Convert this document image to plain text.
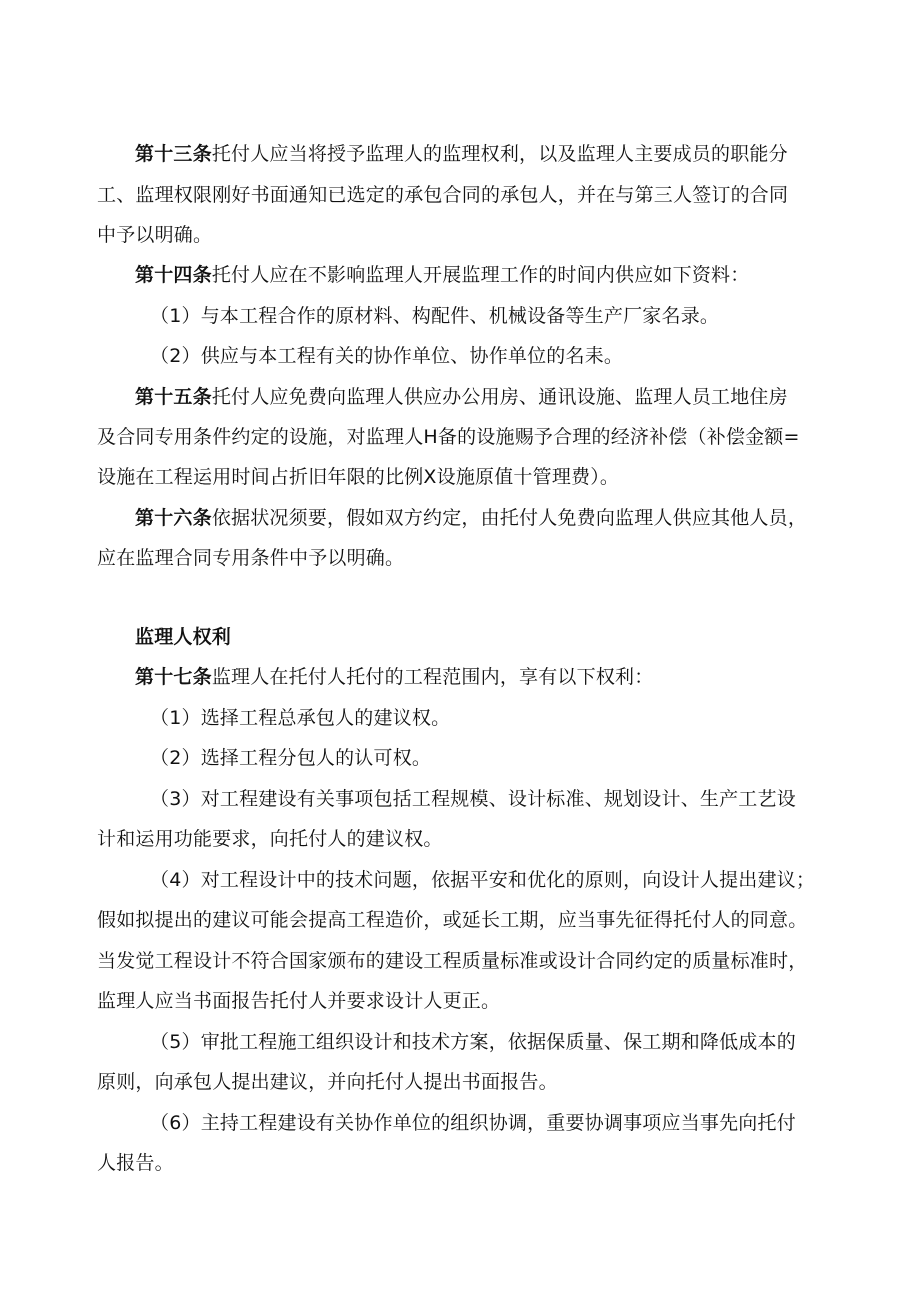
第十三条托付人应当将授予监理人的监理权利，以及监理人主要成员的职能分
工、监理权限刚好书面通知已选定的承包合同的承包人，并在与第三人签订的合同
中予以明确。
第十四条托付人应在不影响监理人开展监理工作的时间内供应如下资料：
（1）与本工程合作的原材料、构配件、机械设备等生产厂家名录。
（2）供应与本工程有关的协作单位、协作单位的名耒。
第十五条托付人应免费向监理人供应办公用房、通讯设施、监理人员工地住房
及合同专用条件约定的设施，对监理人H备的设施赐予合理的经济补偿（补偿金额=
设施在工程运用时间占折旧年限的比例X设施原值十管理费）。
第十六条依据状况须要，假如双方约定，由托付人免费向监理人供应其他人员，
应在监理合同专用条件中予以明确。
监理人权利
第十七条监理人在托付人托付的工程范围内，享有以下权利：
（1）选择工程总承包人的建议权。
（2）选择工程分包人的认可权。
（3）对工程建设有关事项包括工程规模、设计标准、规划设计、生产工艺设
计和运用功能要求，向托付人的建议权。
（4）对工程设计中的技术问题，依据平安和优化的原则，向设计人提出建议；
假如拟提出的建议可能会提高工程造价，或延长工期，应当事先征得托付人的同意。
当发觉工程设计不符合国家颁布的建设工程质量标准或设计合同约定的质量标准时，
监理人应当书面报告托付人并要求设计人更正。
（5）审批工程施工组织设计和技术方案，依据保质量、保工期和降低成本的
原则，向承包人提出建议，并向托付人提出书面报告。
（6）主持工程建设有关协作单位的组织协调，重要协调事项应当事先向托付
人报告。
